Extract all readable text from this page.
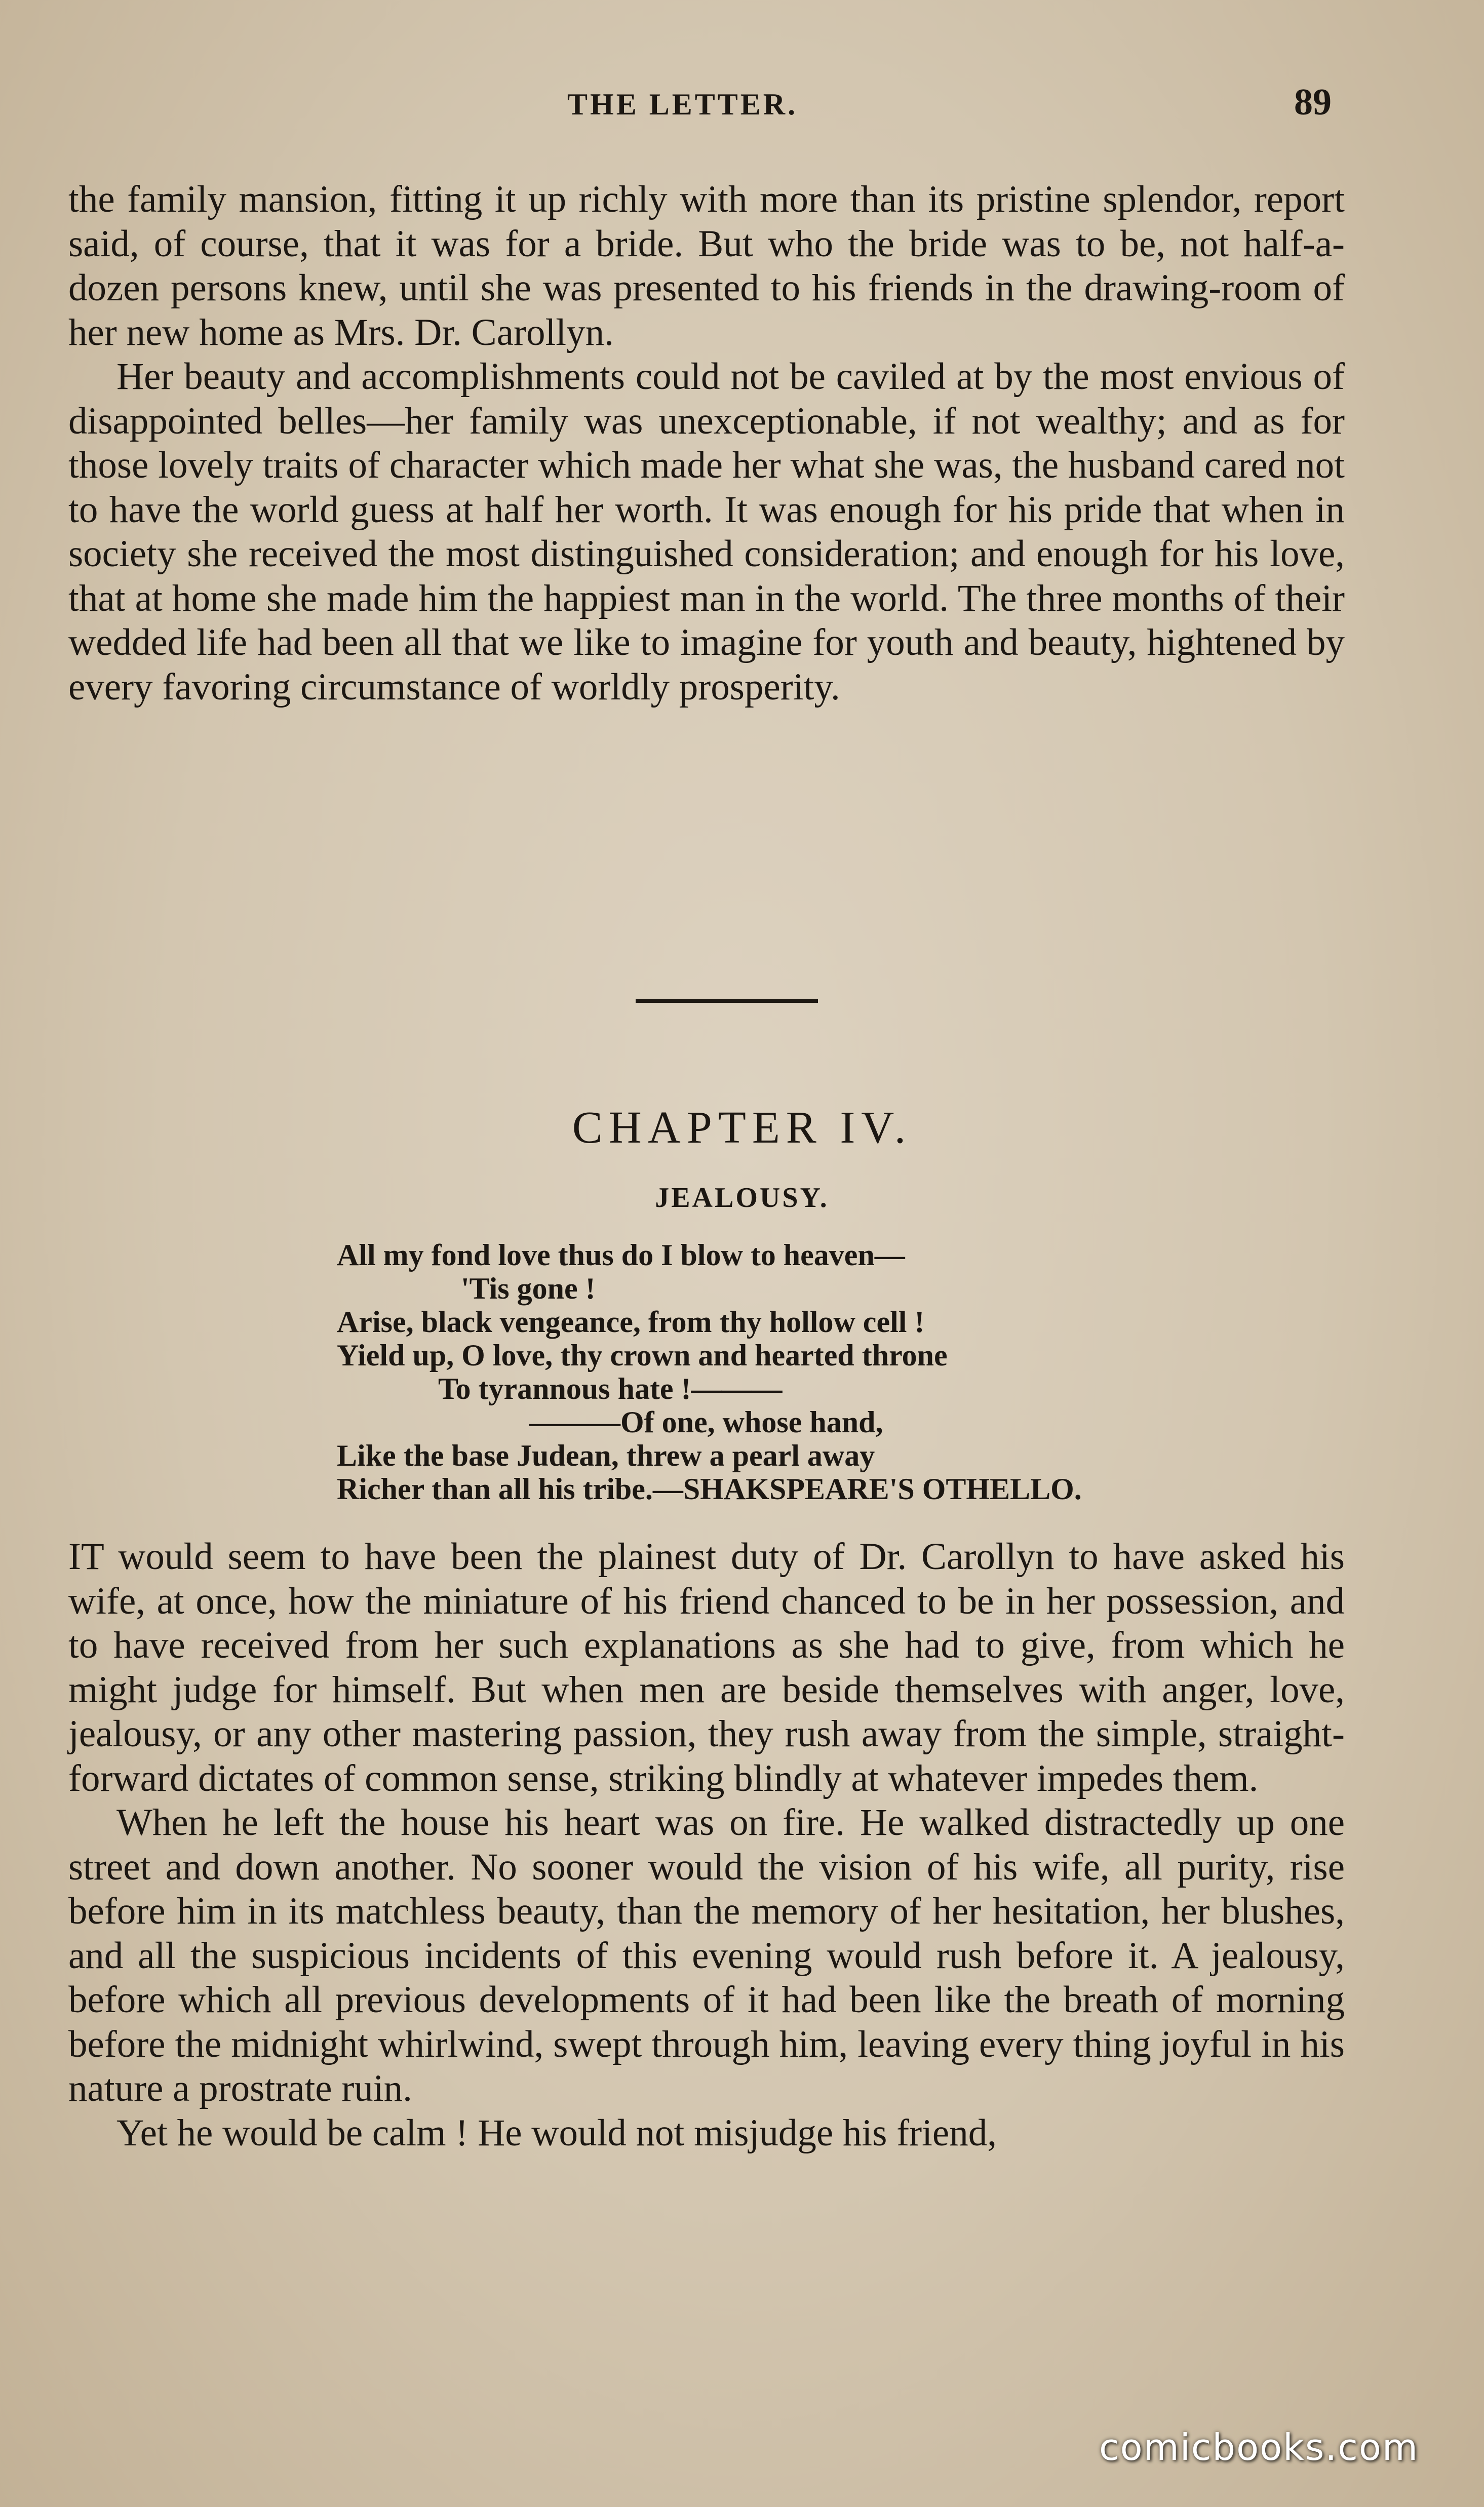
THE LETTER.	89

the family mansion, fitting it up richly with more than its pristine splendor, report said, of course, that it was for a bride. But who the bride was to be, not half-a-dozen persons knew, until she was presented to his friends in the drawing-room of her new home as Mrs. Dr. Carollyn.

Her beauty and accomplishments could not be caviled at by the most envious of disappointed belles—her family was unexceptionable, if not wealthy; and as for those lovely traits of character which made her what she was, the husband cared not to have the world guess at half her worth. It was enough for his pride that when in society she received the most distinguished consideration; and enough for his love, that at home she made him the happiest man in the world. The three months of their wedded life had been all that we like to imagine for youth and beauty, hightened by every favoring circumstance of worldly prosperity.

CHAPTER IV.
JEALOUSY.
All my fond love thus do I blow to heaven—
'Tis gone !
Arise, black vengeance, from thy hollow cell !
Yield up, O love, thy crown and hearted throne
To tyrannous hate !———
———Of one, whose hand,
Like the base Judean, threw a pearl away
Richer than all his tribe.—SHAKSPEARE'S OTHELLO.

IT would seem to have been the plainest duty of Dr. Carollyn to have asked his wife, at once, how the miniature of his friend chanced to be in her possession, and to have received from her such explanations as she had to give, from which he might judge for himself. But when men are beside themselves with anger, love, jealousy, or any other mastering passion, they rush away from the simple, straight-forward dictates of common sense, striking blindly at whatever impedes them.

When he left the house his heart was on fire. He walked distractedly up one street and down another. No sooner would the vision of his wife, all purity, rise before him in its matchless beauty, than the memory of her hesitation, her blushes, and all the suspicious incidents of this evening would rush before it. A jealousy, before which all previous developments of it had been like the breath of morning before the midnight whirlwind, swept through him, leaving every thing joyful in his nature a prostrate ruin.

Yet he would be calm ! He would not misjudge his friend,

comicbooks.com
